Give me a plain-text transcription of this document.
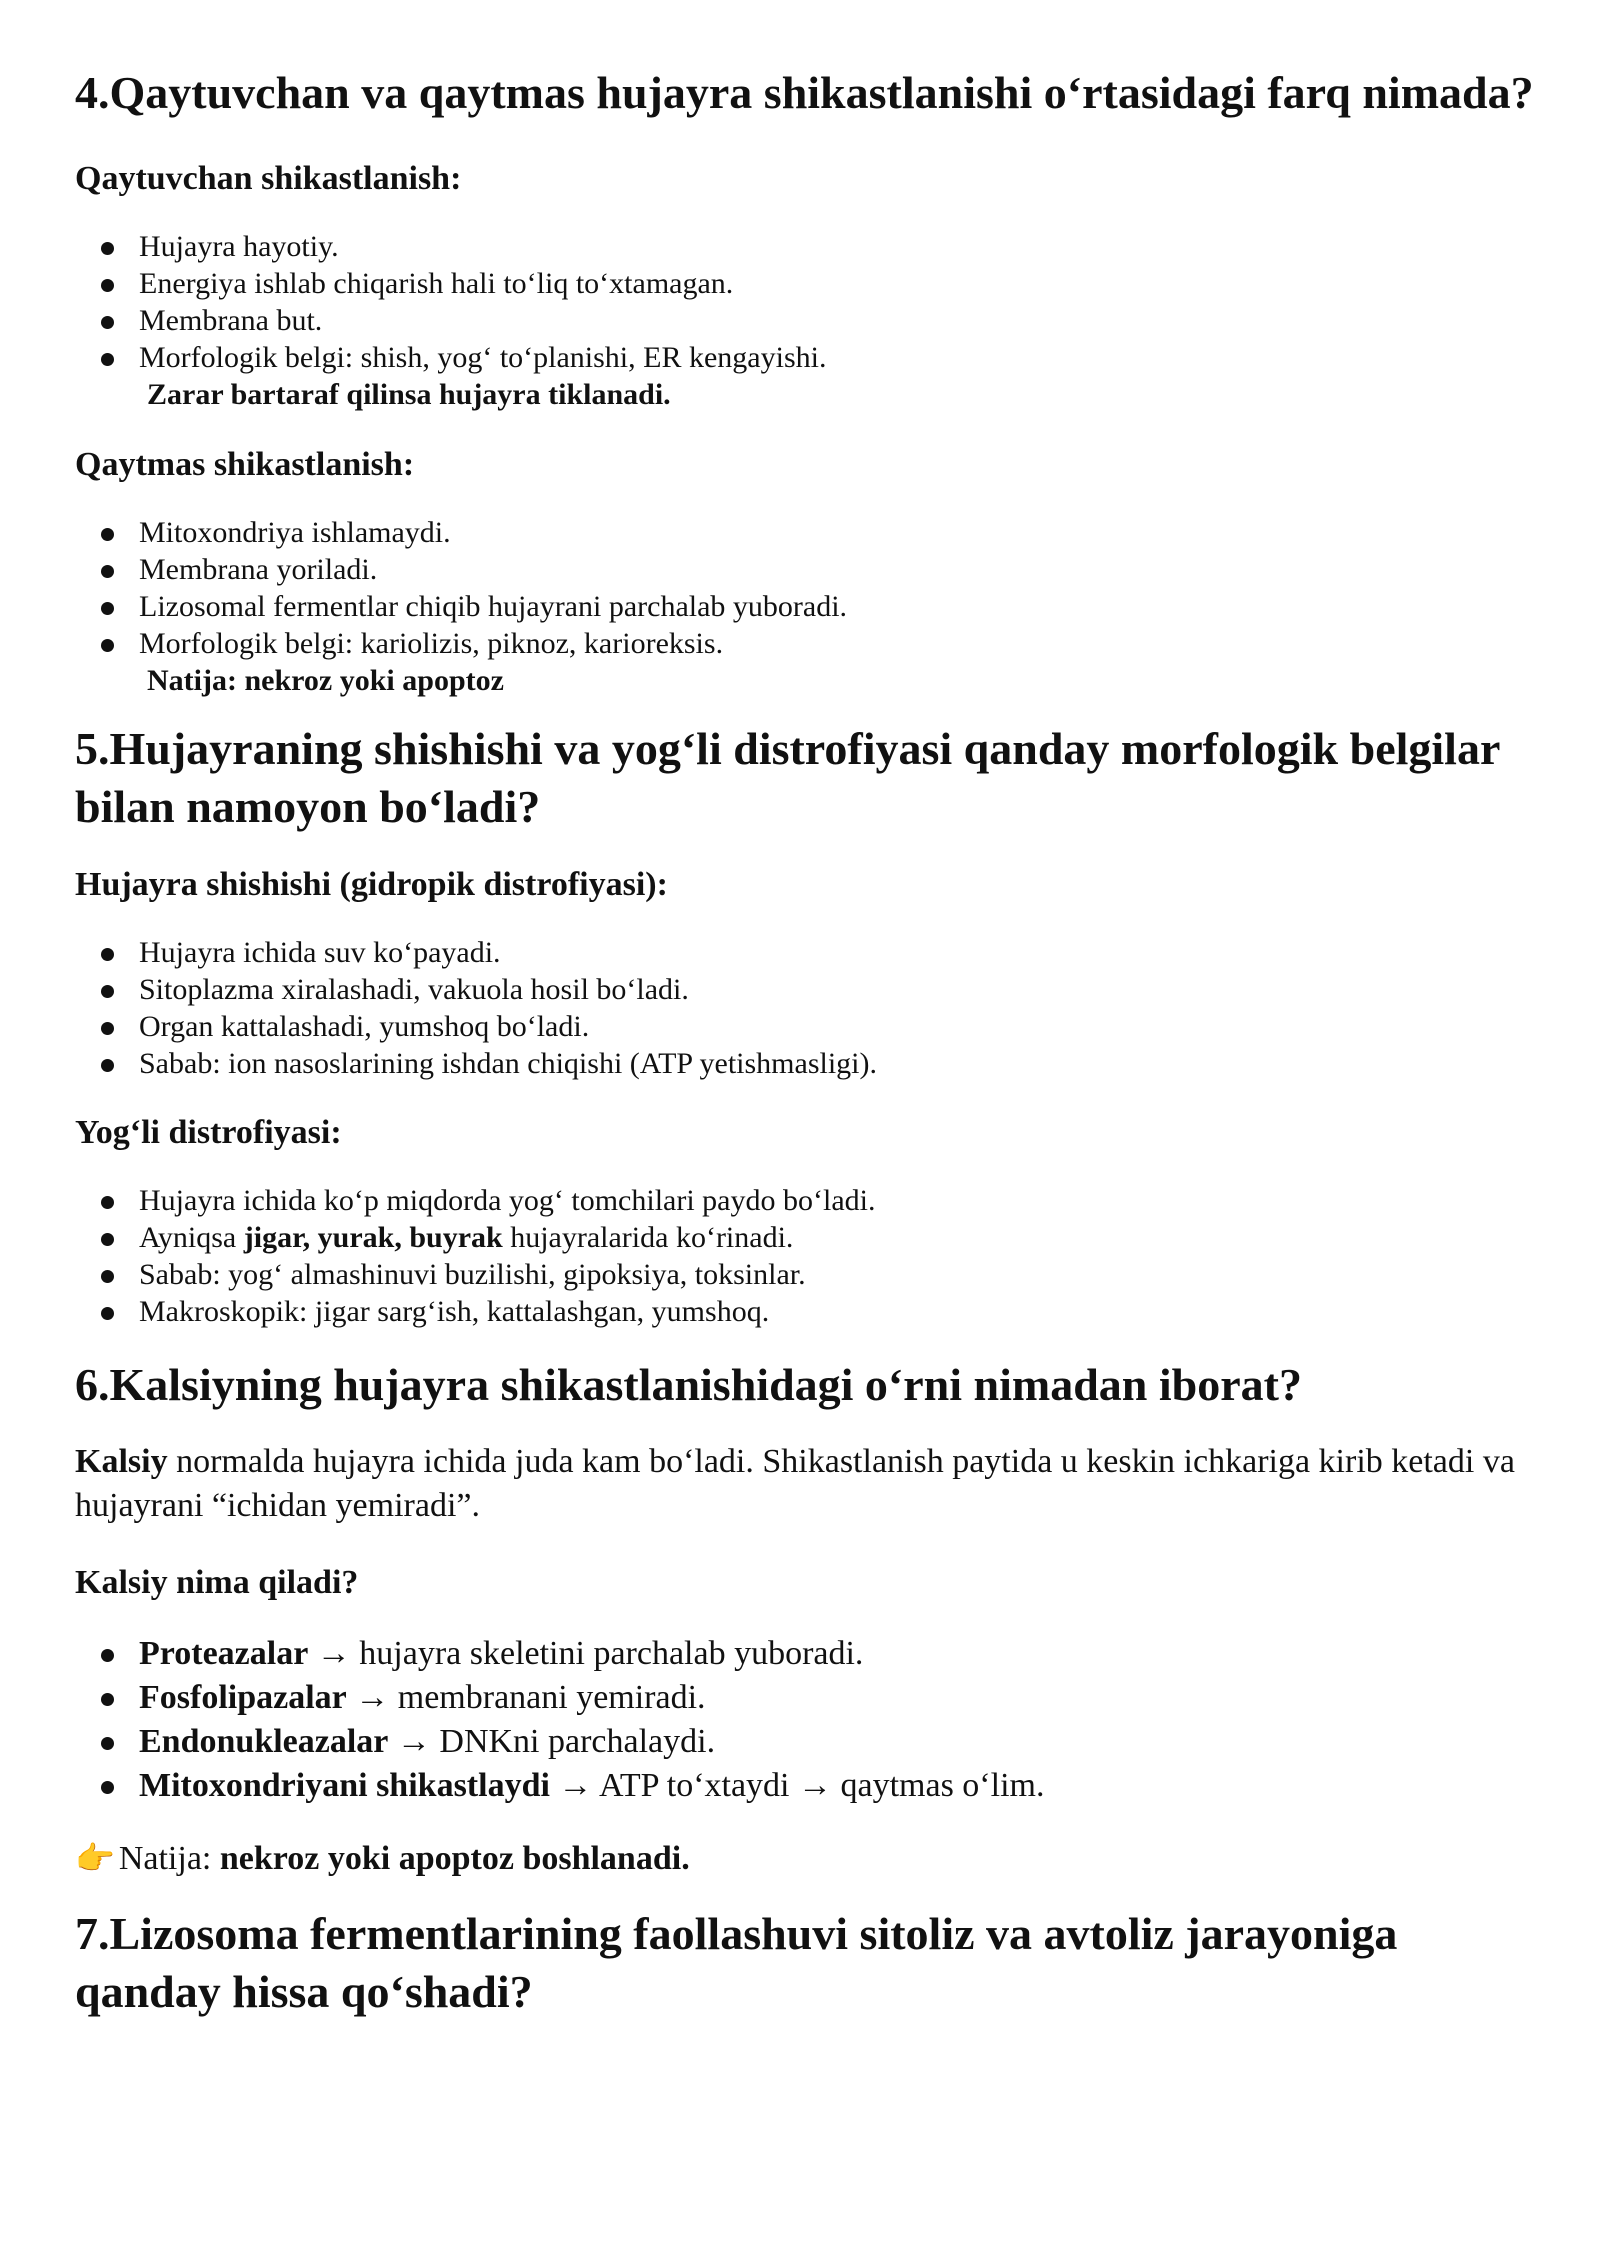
4.Qaytuvchan va qaytmas hujayra shikastlanishi o‘rtasidagi farq nimada?
Qaytuvchan shikastlanish:
Hujayra hayotiy.
Energiya ishlab chiqarish hali to‘liq to‘xtamagan.
Membrana but.
Morfologik belgi: shish, yog‘ to‘planishi, ER kengayishi.

Zarar bartaraf qilinsa hujayra tiklanadi.

Qaytmas shikastlanish:
Mitoxondriya ishlamaydi.
Membrana yoriladi.
Lizosomal fermentlar chiqib hujayrani parchalab yuboradi.
Morfologik belgi: kariolizis, piknoz, karioreksis.

Natija: nekroz yoki apoptoz

5.Hujayraning shishishi va yog‘li distrofiyasi qanday morfologik belgilar bilan namoyon bo‘ladi?
Hujayra shishishi (gidropik distrofiyasi):
Hujayra ichida suv ko‘payadi.
Sitoplazma xiralashadi, vakuola hosil bo‘ladi.
Organ kattalashadi, yumshoq bo‘ladi.
Sabab: ion nasoslarining ishdan chiqishi (ATP yetishmasligi).
Yog‘li distrofiyasi:
Hujayra ichida ko‘p miqdorda yog‘ tomchilari paydo bo‘ladi.
Ayniqsa jigar, yurak, buyrak hujayralarida ko‘rinadi.
Sabab: yog‘ almashinuvi buzilishi, gipoksiya, toksinlar.
Makroskopik: jigar sarg‘ish, kattalashgan, yumshoq.
6.Kalsiyning hujayra shikastlanishidagi o‘rni nimadan iborat?

Kalsiy normalda hujayra ichida juda kam bo‘ladi. Shikastlanish paytida u keskin ichkariga kirib ketadi va hujayrani “ichidan yemiradi”.

Kalsiy nima qiladi?
Proteazalar → hujayra skeletini parchalab yuboradi.
Fosfolipazalar → membranani yemiradi.
Endonukleazalar → DNKni parchalaydi.
Mitoxondriyani shikastlaydi → ATP to‘xtaydi → qaytmas o‘lim.

👉 Natija: nekroz yoki apoptoz boshlanadi.

7.Lizosoma fermentlarining faollashuvi sitoliz va avtoliz jarayoniga qanday hissa qo‘shadi?
